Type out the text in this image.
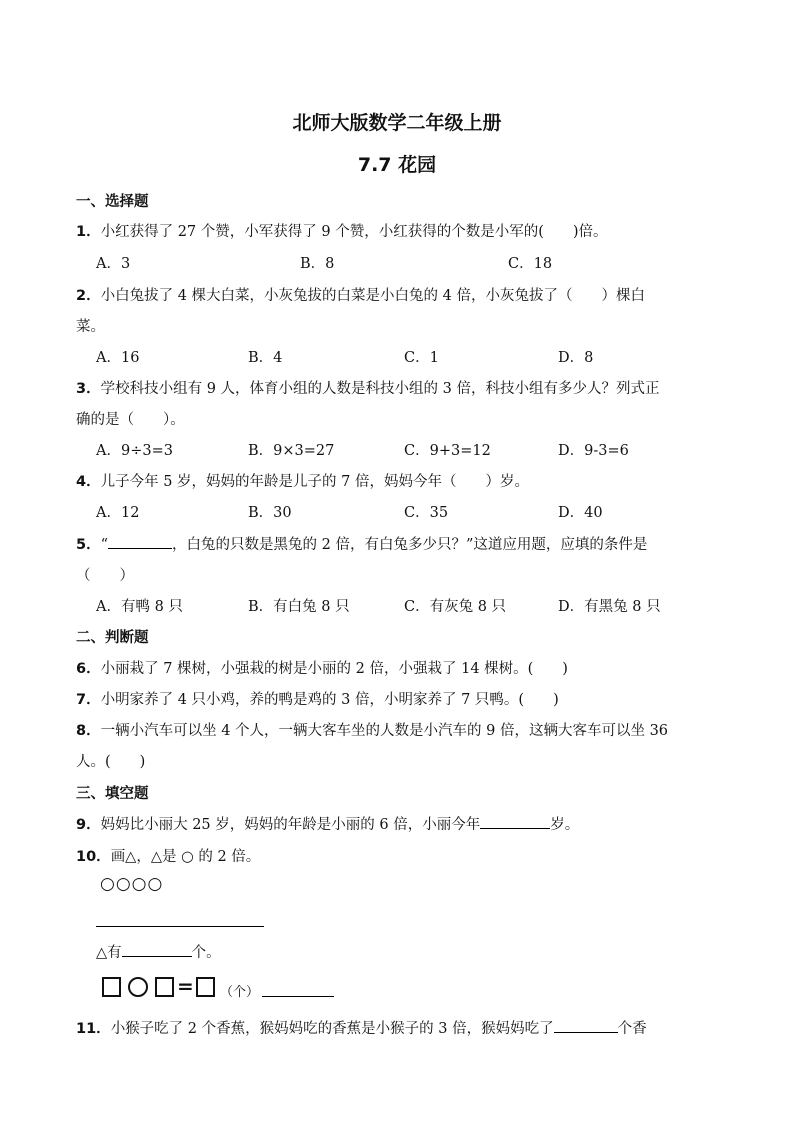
北师大版数学二年级上册
7.7 花园
一、选择题
1．小红获得了 27 个赞，小军获得了 9 个赞，小红获得的个数是小军的(　　)倍。
A．3	B．8	C．18
2．小白兔拔了 4 棵大白菜，小灰兔拔的白菜是小白兔的 4 倍，小灰兔拔了（　　）棵白
菜。
A．16	B．4	C．1	D．8
3．学校科技小组有 9 人，体育小组的人数是科技小组的 3 倍，科技小组有多少人？列式正
确的是（　　）。
A．9÷3=3	B．9×3=27	C．9+3=12	D．9-3=6
4．儿子今年 5 岁，妈妈的年龄是儿子的 7 倍，妈妈今年（　　）岁。
A．12	B．30	C．35	D．40
5．“	，白兔的只数是黑兔的 2 倍，有白兔多少只？”这道应用题，应填的条件是
（　　）
A．有鸭 8 只	B．有白兔 8 只	C．有灰兔 8 只	D．有黑兔 8 只
二、判断题
6．小丽栽了 7 棵树，小强栽的树是小丽的 2 倍，小强栽了 14 棵树。(　　)
7．小明家养了 4 只小鸡，养的鸭是鸡的 3 倍，小明家养了 7 只鸭。(　　)
8．一辆小汽车可以坐 4 个人，一辆大客车坐的人数是小汽车的 9 倍，这辆大客车可以坐 36
人。(　　)
三、填空题
9．妈妈比小丽大 25 岁，妈妈的年龄是小丽的 6 倍，小丽今年	岁。
10．画△，△是 ○ 的 2 倍。
○○○○
△有	个。
= （个）
11．小猴子吃了 2 个香蕉，猴妈妈吃的香蕉是小猴子的 3 倍，猴妈妈吃了	个香
